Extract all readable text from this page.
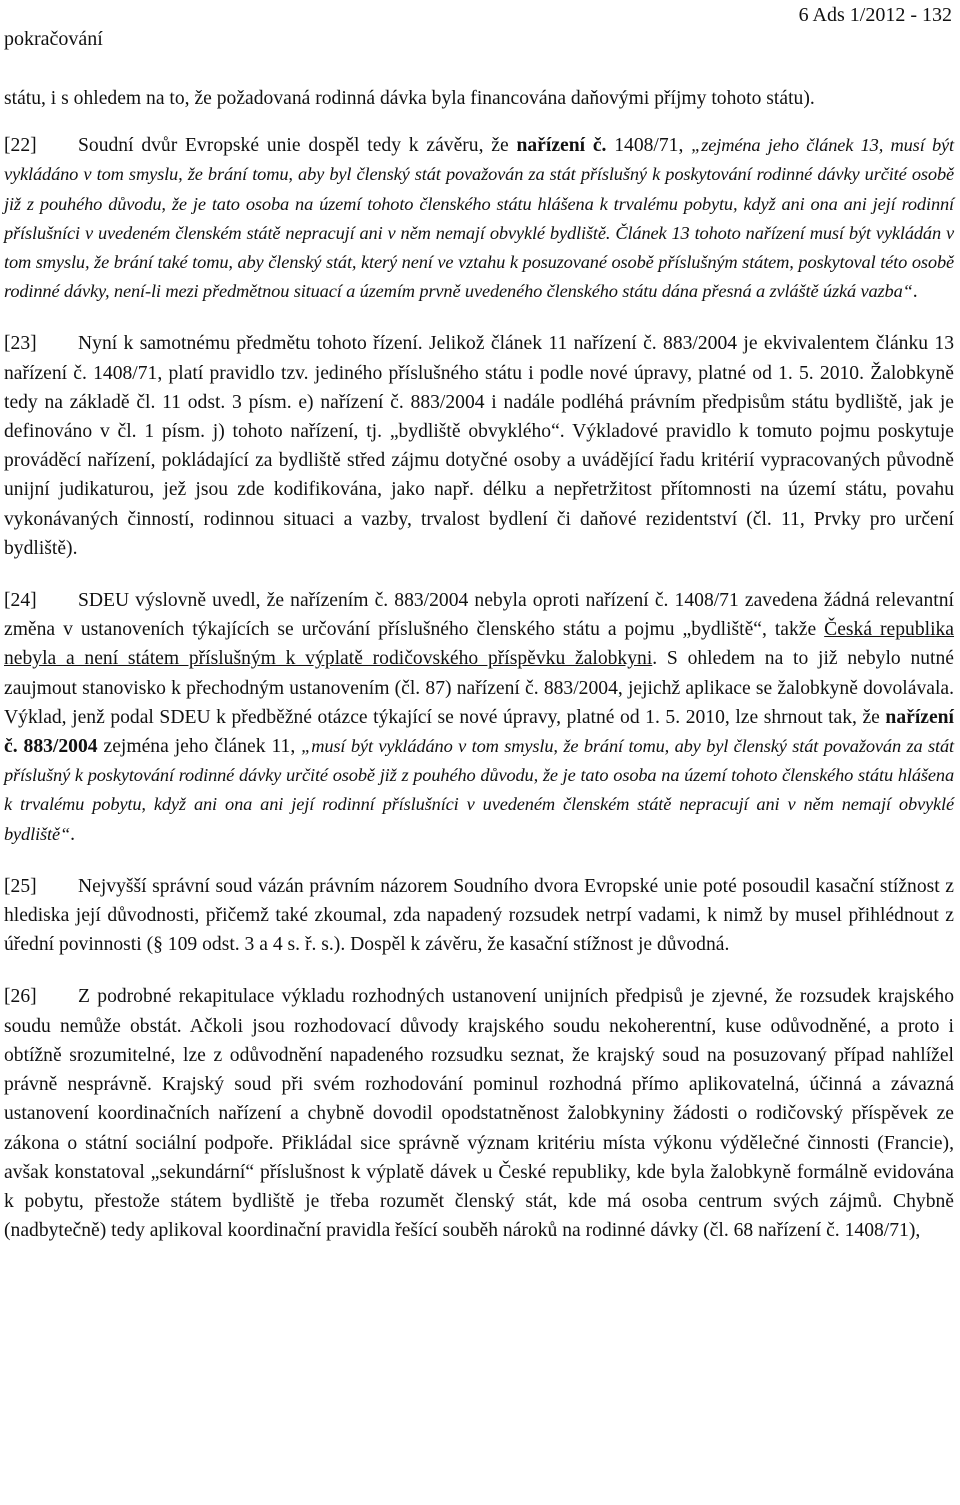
pokračování
6 Ads 1/2012 - 132

státu, i s ohledem na to, že požadovaná rodinná dávka byla financována daňovými příjmy tohoto státu).

[22] Soudní dvůr Evropské unie dospěl tedy k závěru, že nařízení č. 1408/71, „zejména jeho článek 13, musí být vykládáno v tom smyslu, že brání tomu, aby byl členský stát považován za stát příslušný k poskytování rodinné dávky určité osobě již z pouhého důvodu, že je tato osoba na území tohoto členského státu hlášena k trvalému pobytu, když ani ona ani její rodinní příslušníci v uvedeném členském státě nepracují ani v něm nemají obvyklé bydliště. Článek 13 tohoto nařízení musí být vykládán v tom smyslu, že brání také tomu, aby členský stát, který není ve vztahu k posuzované osobě příslušným státem, poskytoval této osobě rodinné dávky, není-li mezi předmětnou situací a územím prvně uvedeného členského státu dána přesná a zvláště úzká vazba“.

[23] Nyní k samotnému předmětu tohoto řízení. Jelikož článek 11 nařízení č. 883/2004 je ekvivalentem článku 13 nařízení č. 1408/71, platí pravidlo tzv. jediného příslušného státu i podle nové úpravy, platné od 1. 5. 2010. Žalobkyně tedy na základě čl. 11 odst. 3 písm. e) nařízení č. 883/2004 i nadále podléhá právním předpisům státu bydliště, jak je definováno v čl. 1 písm. j) tohoto nařízení, tj. „bydliště obvyklého“. Výkladové pravidlo k tomuto pojmu poskytuje prováděcí nařízení, pokládající za bydliště střed zájmu dotyčné osoby a uvádějící řadu kritérií vypracovaných původně unijní judikaturou, jež jsou zde kodifikována, jako např. délku a nepřetržitost přítomnosti na území státu, povahu vykonávaných činností, rodinnou situaci a vazby, trvalost bydlení či daňové rezidentství (čl. 11, Prvky pro určení bydliště).

[24] SDEU výslovně uvedl, že nařízením č. 883/2004 nebyla oproti nařízení č. 1408/71 zavedena žádná relevantní změna v ustanoveních týkajících se určování příslušného členského státu a pojmu „bydliště“, takže Česká republika nebyla a není státem příslušným k výplatě rodičovského příspěvku žalobkyni. S ohledem na to již nebylo nutné zaujmout stanovisko k přechodným ustanovením (čl. 87) nařízení č. 883/2004, jejichž aplikace se žalobkyně dovolávala. Výklad, jenž podal SDEU k předběžné otázce týkající se nové úpravy, platné od 1. 5. 2010, lze shrnout tak, že nařízení č. 883/2004 zejména jeho článek 11, „musí být vykládáno v tom smyslu, že brání tomu, aby byl členský stát považován za stát příslušný k poskytování rodinné dávky určité osobě již z pouhého důvodu, že je tato osoba na území tohoto členského státu hlášena k trvalému pobytu, když ani ona ani její rodinní příslušníci v uvedeném členském státě nepracují ani v něm nemají obvyklé bydliště“.

[25] Nejvyšší správní soud vázán právním názorem Soudního dvora Evropské unie poté posoudil kasační stížnost z hlediska její důvodnosti, přičemž také zkoumal, zda napadený rozsudek netrpí vadami, k nimž by musel přihlédnout z úřední povinnosti (§ 109 odst. 3 a 4 s. ř. s.). Dospěl k závěru, že kasační stížnost je důvodná.

[26] Z podrobné rekapitulace výkladu rozhodných ustanovení unijních předpisů je zjevné, že rozsudek krajského soudu nemůže obstát. Ačkoli jsou rozhodovací důvody krajského soudu nekoherentní, kuse odůvodněné, a proto i obtížně srozumitelné, lze z odůvodnění napadeného rozsudku seznat, že krajský soud na posuzovaný případ nahlížel právně nesprávně. Krajský soud při svém rozhodování pominul rozhodná přímo aplikovatelná, účinná a závazná ustanovení koordinačních nařízení a chybně dovodil opodstatněnost žalobkyniny žádosti o rodičovský příspěvek ze zákona o státní sociální podpoře. Přikládal sice správně význam kritériu místa výkonu výdělečné činnosti (Francie), avšak konstatoval „sekundární“ příslušnost k výplatě dávek u České republiky, kde byla žalobkyně formálně evidována k pobytu, přestože státem bydliště je třeba rozumět členský stát, kde má osoba centrum svých zájmů. Chybně (nadbytečně) tedy aplikoval koordinační pravidla řešící souběh nároků na rodinné dávky (čl. 68 nařízení č. 1408/71),
